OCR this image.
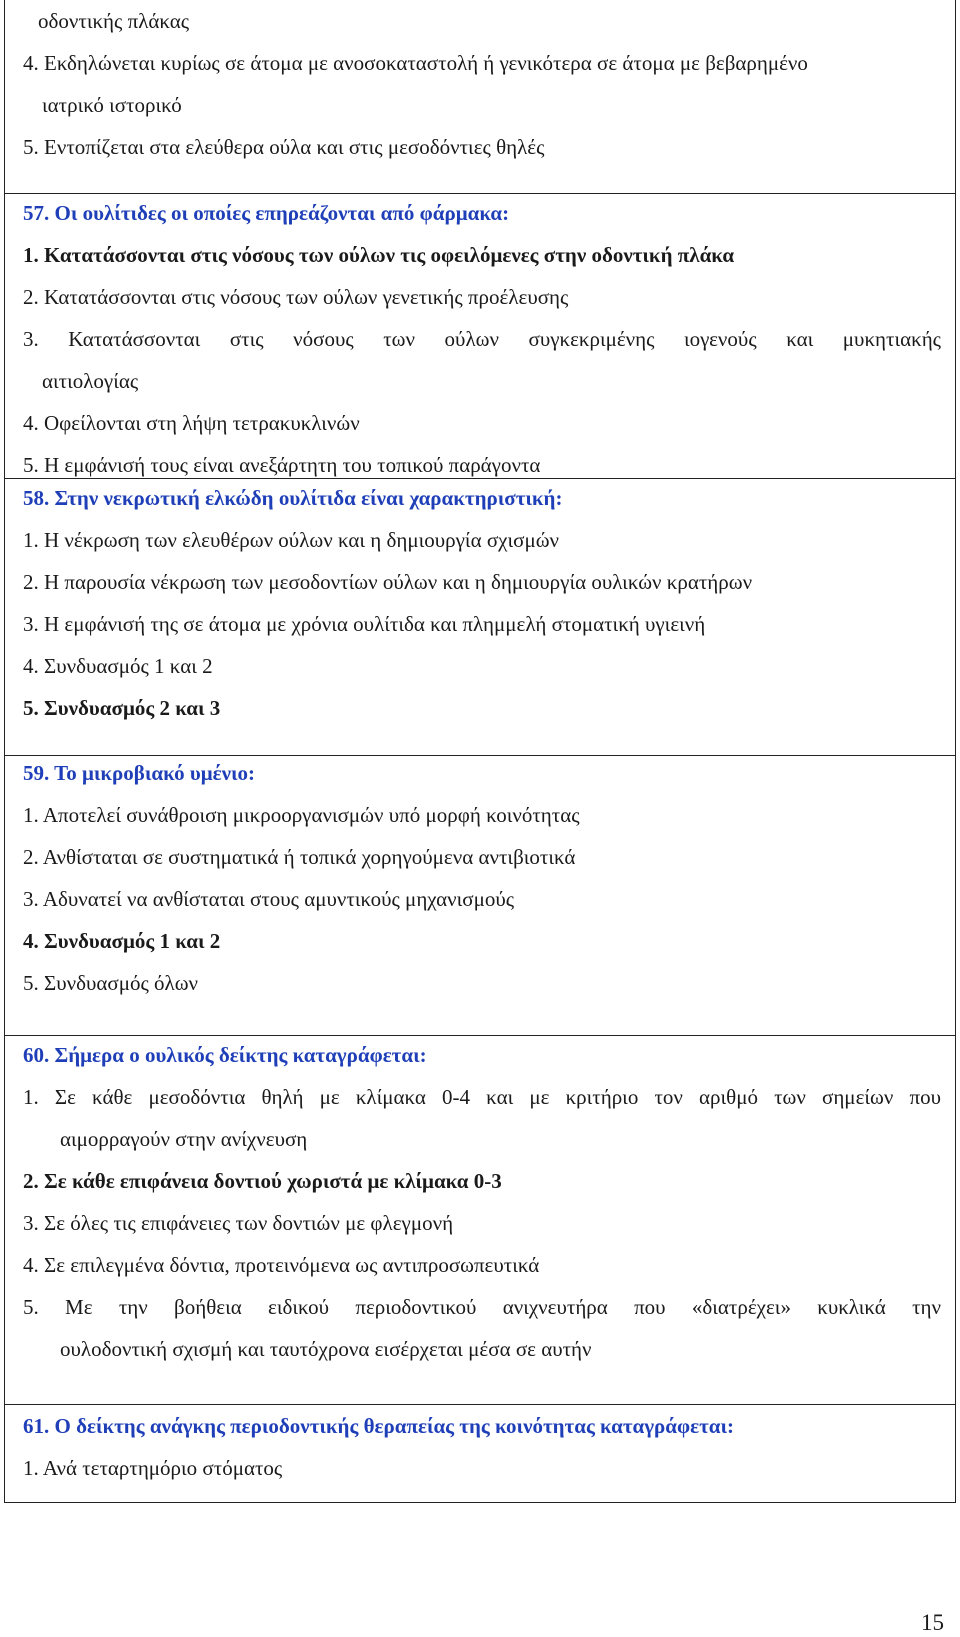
οδοντικής πλάκας
4. Εκδηλώνεται κυρίως σε άτομα με ανοσοκαταστολή ή γενικότερα σε άτομα με βεβαρημένο
ιατρικό ιστορικό
5. Εντοπίζεται στα ελεύθερα ούλα και στις μεσοδόντιες θηλές
57. Οι ουλίτιδες οι οποίες επηρεάζονται από φάρμακα:
1. Κατατάσσονται στις νόσους των ούλων τις οφειλόμενες στην οδοντική πλάκα
2. Κατατάσσονται στις νόσους των ούλων γενετικής προέλευσης
3. Κατατάσσονται στις νόσους των ούλων συγκεκριμένης ιογενούς και μυκητιακής
αιτιολογίας
4. Οφείλονται στη λήψη τετρακυκλινών
5. Η εμφάνισή τους είναι ανεξάρτητη του τοπικού παράγοντα
58. Στην νεκρωτική ελκώδη ουλίτιδα είναι χαρακτηριστική:
1. Η νέκρωση των ελευθέρων ούλων και η δημιουργία σχισμών
2. Η παρουσία νέκρωση των μεσοδοντίων ούλων και η δημιουργία ουλικών κρατήρων
3. Η εμφάνισή της σε άτομα με χρόνια ουλίτιδα και πλημμελή στοματική υγιεινή
4. Συνδυασμός 1 και 2
5. Συνδυασμός 2 και 3
59. Το μικροβιακό υμένιο:
1. Αποτελεί συνάθροιση μικροοργανισμών υπό μορφή κοινότητας
2. Ανθίσταται σε συστηματικά ή τοπικά χορηγούμενα αντιβιοτικά
3. Αδυνατεί να ανθίσταται στους αμυντικούς μηχανισμούς
4. Συνδυασμός 1 και 2
5. Συνδυασμός όλων
60. Σήμερα ο ουλικός δείκτης καταγράφεται:
1. Σε κάθε μεσοδόντια θηλή με κλίμακα 0-4 και με κριτήριο τον αριθμό των σημείων που
αιμορραγούν στην ανίχνευση
2. Σε κάθε επιφάνεια δοντιού χωριστά με κλίμακα 0-3
3. Σε όλες τις επιφάνειες των δοντιών με φλεγμονή
4. Σε επιλεγμένα δόντια, προτεινόμενα ως αντιπροσωπευτικά
5. Με την βοήθεια ειδικού περιοδοντικού ανιχνευτήρα που «διατρέχει» κυκλικά την
ουλοδοντική σχισμή και ταυτόχρονα εισέρχεται μέσα σε αυτήν
61. Ο δείκτης ανάγκης περιοδοντικής θεραπείας της κοινότητας καταγράφεται:
1. Ανά τεταρτημόριο στόματος
15
